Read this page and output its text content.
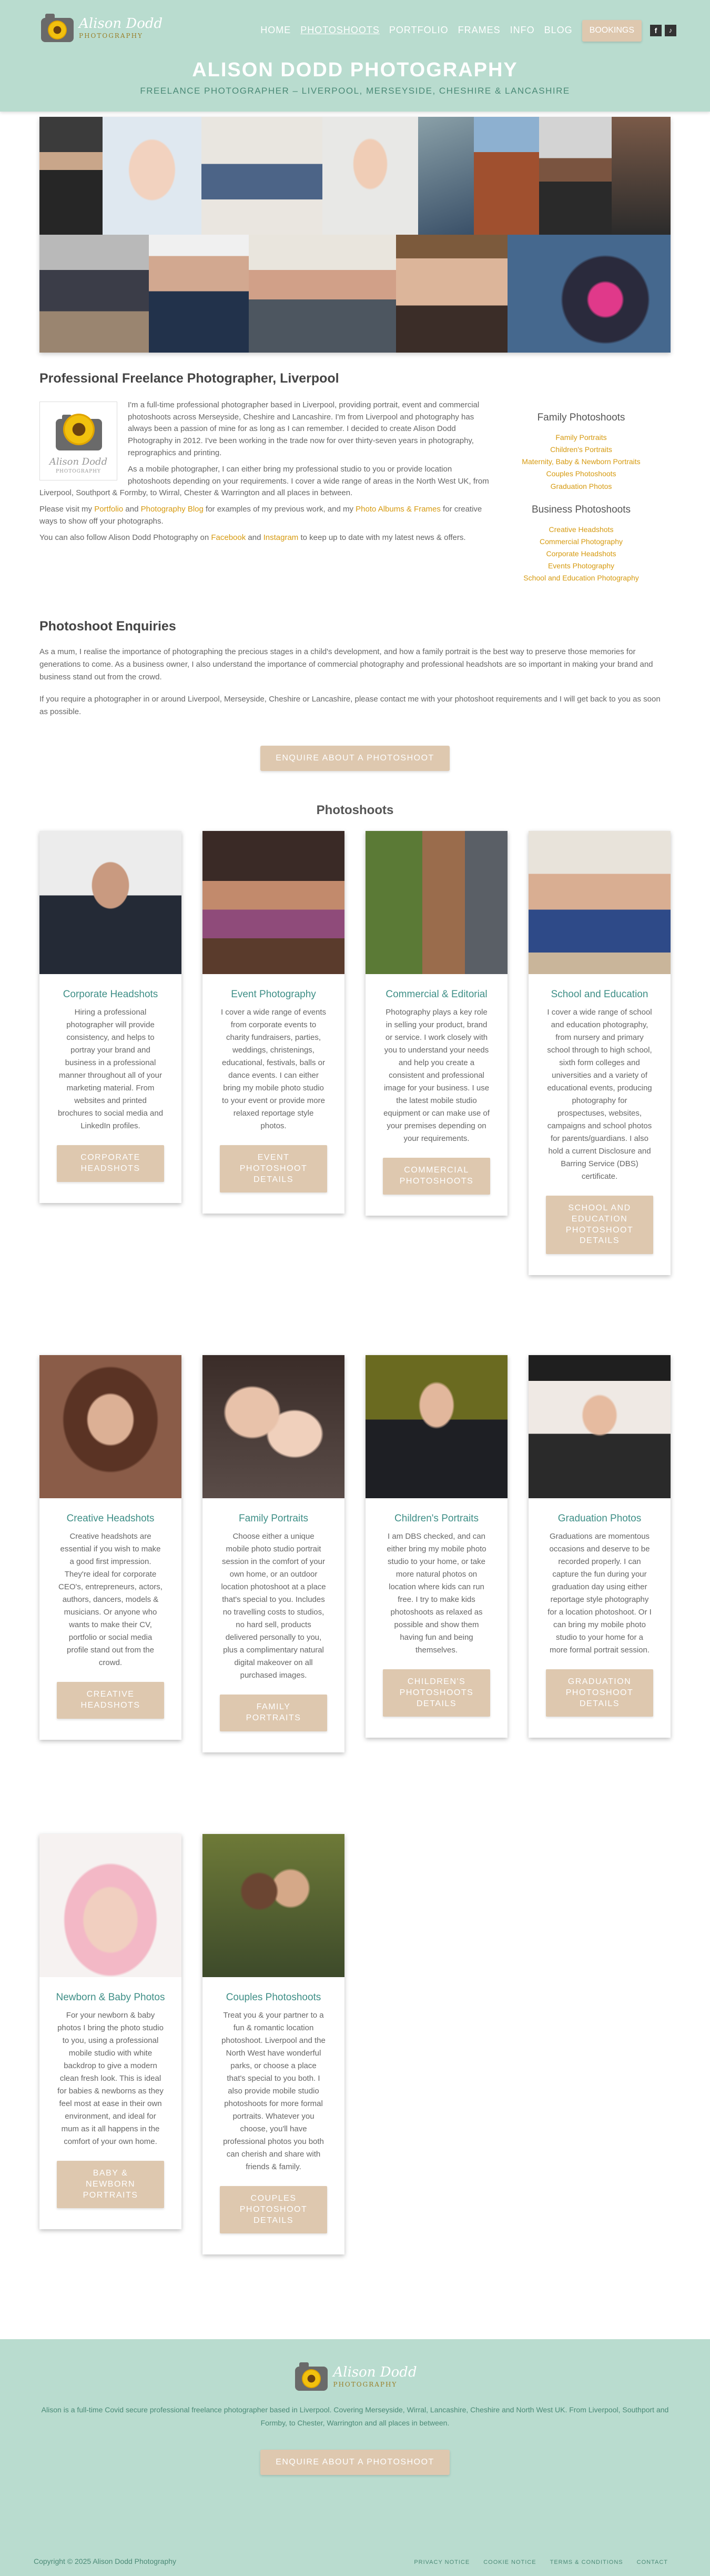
Alison Dodd
PHOTOGRAPHY
HOME PHOTOSHOOTS PORTFOLIO FRAMES INFO BLOG	BOOKINGS	f	♪
ALISON DODD PHOTOGRAPHY
FREELANCE PHOTOGRAPHER – LIVERPOOL, MERSEYSIDE, CHESHIRE & LANCASHIRE
Professional Freelance Photographer, Liverpool
Alison Dodd
PHOTOGRAPHY

I'm a full-time professional photographer based in Liverpool, providing portrait, event and commercial photoshoots across Merseyside, Cheshire and Lancashire. I'm from Liverpool and photography has always been a passion of mine for as long as I can remember. I decided to create Alison Dodd Photography in 2012. I've been working in the trade now for over thirty-seven years in photography, reprographics and printing.

As a mobile photographer, I can either bring my professional studio to you or provide location photoshoots depending on your requirements. I cover a wide range of areas in the North West UK, from Liverpool, Southport & Formby, to Wirral, Chester & Warrington and all places in between.

Please visit my Portfolio and Photography Blog for examples of my previous work, and my Photo Albums & Frames for creative ways to show off your photographs.

You can also follow Alison Dodd Photography on Facebook and Instagram to keep up to date with my latest news & offers.

Family Photoshoots
Family Portraits
Children's Portraits
Maternity, Baby & Newborn Portraits
Couples Photoshoots
Graduation Photos
Business Photoshoots
Creative Headshots
Commercial Photography
Corporate Headshots
Events Photography
School and Education Photography
Photoshoot Enquiries

As a mum, I realise the importance of photographing the precious stages in a child's development, and how a family portrait is the best way to preserve those memories for generations to come. As a business owner, I also understand the importance of commercial photography and professional headshots are so important in making your brand and business stand out from the crowd.

If you require a photographer in or around Liverpool, Merseyside, Cheshire or Lancashire, please contact me with your photoshoot requirements and I will get back to you as soon as possible.

ENQUIRE ABOUT A PHOTOSHOOT
Photoshoots
Corporate Headshots

Hiring a professional photographer will provide consistency, and helps to portray your brand and business in a professional manner throughout all of your marketing material. From websites and printed brochures to social media and LinkedIn profiles.

CORPORATE HEADSHOTS
Event Photography

I cover a wide range of events from corporate events to charity fundraisers, parties, weddings, christenings, educational, festivals, balls or dance events. I can either bring my mobile photo studio to your event or provide more relaxed reportage style photos.

EVENT PHOTOSHOOT DETAILS
Commercial & Editorial

Photography plays a key role in selling your product, brand or service. I work closely with you to understand your needs and help you create a consistent and professional image for your business. I use the latest mobile studio equipment or can make use of your premises depending on your requirements.

COMMERCIAL PHOTOSHOOTS
School and Education

I cover a wide range of school and education photography, from nursery and primary school through to high school, sixth form colleges and universities and a variety of educational events, producing photography for prospectuses, websites, campaigns and school photos for parents/guardians. I also hold a current Disclosure and Barring Service (DBS) certificate.

SCHOOL AND EDUCATION PHOTOSHOOT DETAILS
Creative Headshots

Creative headshots are essential if you wish to make a good first impression. They're ideal for corporate CEO's, entrepreneurs, actors, authors, dancers, models & musicians. Or anyone who wants to make their CV, portfolio or social media profile stand out from the crowd.

CREATIVE HEADSHOTS
Family Portraits

Choose either a unique mobile photo studio portrait session in the comfort of your own home, or an outdoor location photoshoot at a place that's special to you. Includes no travelling costs to studios, no hard sell, products delivered personally to you, plus a complimentary natural digital makeover on all purchased images.

FAMILY PORTRAITS
Children's Portraits

I am DBS checked, and can either bring my mobile photo studio to your home, or take more natural photos on location where kids can run free. I try to make kids photoshoots as relaxed as possible and show them having fun and being themselves.

CHILDREN'S PHOTOSHOOTS DETAILS
Graduation Photos

Graduations are momentous occasions and deserve to be recorded properly. I can capture the fun during your graduation day using either reportage style photography for a location photoshoot. Or I can bring my mobile photo studio to your home for a more formal portrait session.

GRADUATION PHOTOSHOOT DETAILS
Newborn & Baby Photos

For your newborn & baby photos I bring the photo studio to you, using a professional mobile studio with white backdrop to give a modern clean fresh look. This is ideal for babies & newborns as they feel most at ease in their own environment, and ideal for mum as it all happens in the comfort of your own home.

BABY & NEWBORN PORTRAITS
Couples Photoshoots

Treat you & your partner to a fun & romantic location photoshoot. Liverpool and the North West have wonderful parks, or choose a place that's special to you both. I also provide mobile studio photoshoots for more formal portraits. Whatever you choose, you'll have professional photos you both can cherish and share with friends & family.

COUPLES PHOTOSHOOT DETAILS
Alison Dodd
PHOTOGRAPHY

Alison is a full-time Covid secure professional freelance photographer based in Liverpool. Covering Merseyside, Wirral, Lancashire, Cheshire and North West UK. From Liverpool, Southport and Formby, to Chester, Warrington and all places in between.

ENQUIRE ABOUT A PHOTOSHOOT
Copyright © 2025 Alison Dodd Photography	PRIVACY NOTICE COOKIE NOTICE TERMS & CONDITIONS CONTACT
